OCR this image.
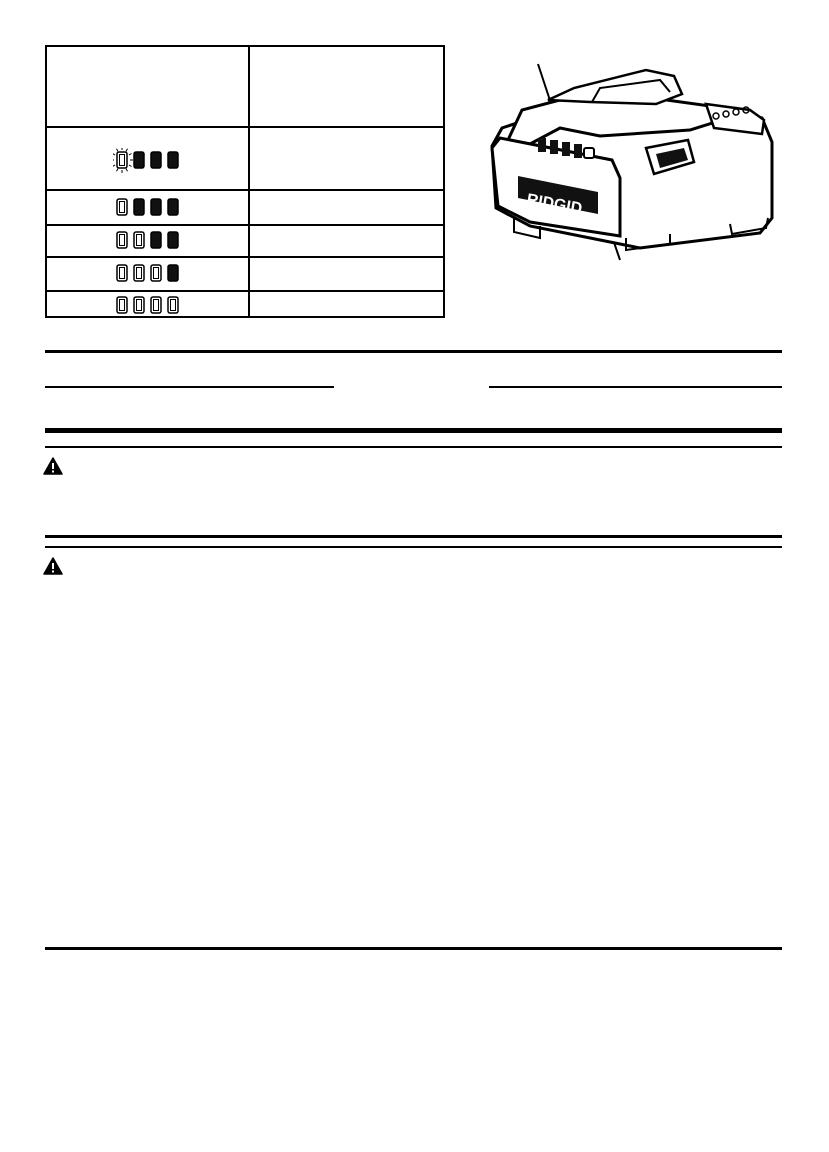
RIDGID
